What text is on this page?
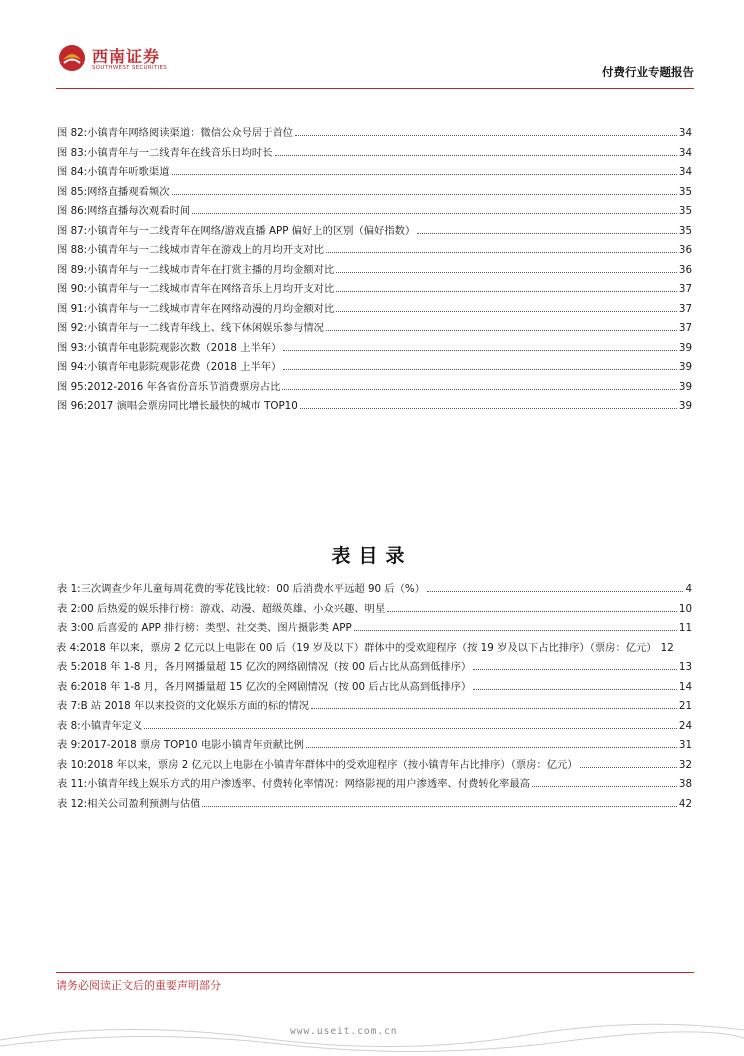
西南证券
SOUTHWEST SECURITIES	付费行业专题报告
图 82: 小镇青年网络阅读渠道：微信公众号居于首位	34
图 83: 小镇青年与一二线青年在线音乐日均时长	34
图 84: 小镇青年听歌渠道	34
图 85: 网络直播观看频次	35
图 86: 网络直播每次观看时间	35
图 87: 小镇青年与一二线青年在网络/游戏直播 APP 偏好上的区别（偏好指数）	35
图 88: 小镇青年与一二线城市青年在游戏上的月均开支对比	36
图 89: 小镇青年与一二线城市青年在打赏主播的月均金额对比	36
图 90: 小镇青年与一二线城市青年在网络音乐上月均开支对比	37
图 91: 小镇青年与一二线城市青年在网络动漫的月均金额对比	37
图 92: 小镇青年与一二线青年线上、线下休闲娱乐参与情况	37
图 93: 小镇青年电影院观影次数（2018 上半年）	39
图 94: 小镇青年电影院观影花费（2018 上半年）	39
图 95: 2012-2016 年各省份音乐节消费票房占比	39
图 96: 2017 演唱会票房同比增长最快的城市 TOP10	39
表目录
表 1: 三次调查少年儿童每周花费的零花钱比较：00 后消费水平远超 90 后（%）	4
表 2: 00 后热爱的娱乐排行榜：游戏、动漫、超级英雄、小众兴趣、明星	10
表 3: 00 后喜爱的 APP 排行榜：类型、社交类、图片摄影类 APP	11
表 4:2018 年以来，票房 2 亿元以上电影在 00 后（19 岁及以下）群体中的受欢迎程序（按 19 岁及以下占比排序）（票 房：亿元） 12
表 5: 2018 年 1-8 月，各月网播量超 15 亿次的网络剧情况（按 00 后占比从高到低排序）	13
表 6: 2018 年 1-8 月，各月网播量超 15 亿次的全网剧情况（按 00 后占比从高到低排序）	14
表 7: B 站 2018 年以来投资的文化娱乐方面的标的情况	21
表 8: 小镇青年定义	24
表 9: 2017-2018 票房 TOP10 电影小镇青年贡献比例	31
表 10: 2018 年以来，票房 2 亿元以上电影在小镇青年群体中的受欢迎程序（按小镇青年占比排序）（票房：亿元）	32
表 11: 小镇青年线上娱乐方式的用户渗透率、付费转化率情况：网络影视的用户渗透率、付费转化率最高	38
表 12: 相关公司盈利预测与估值	42
请务必阅读正文后的重要声明部分
www.useit.com.cn
